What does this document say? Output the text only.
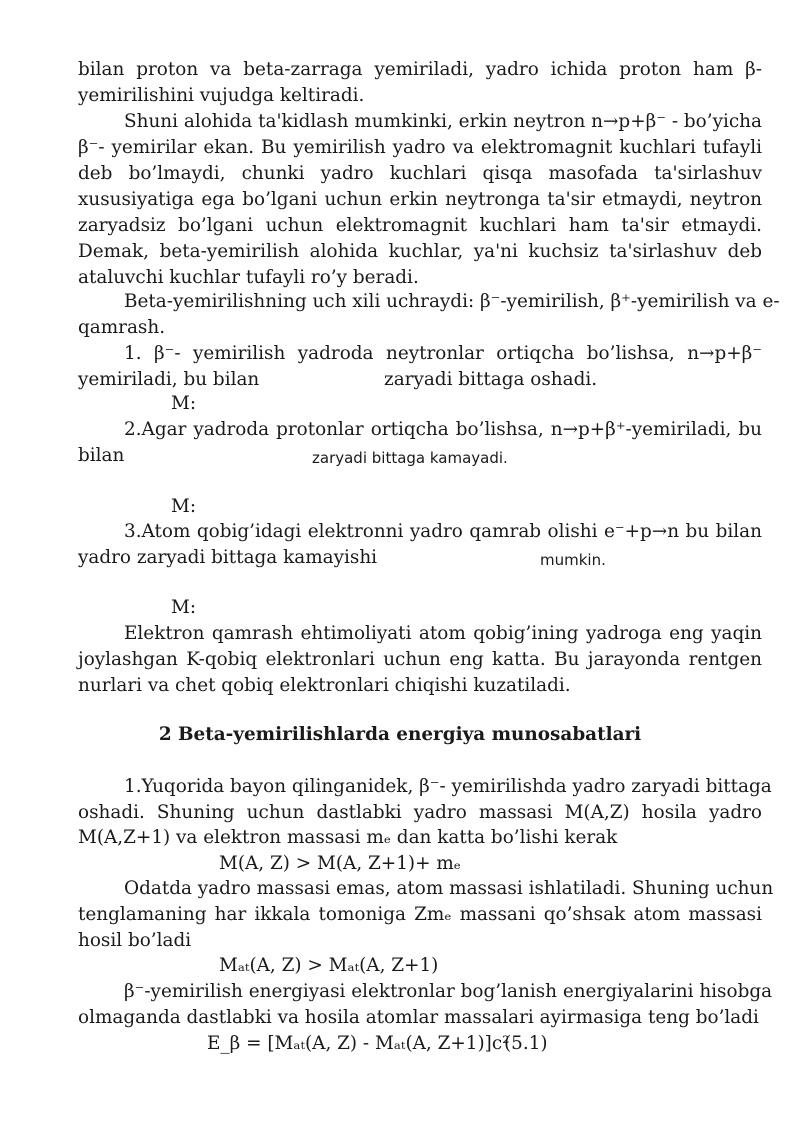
bilan proton va beta-zarraga yemiriladi, yadro ichida proton ham β-
yemirilishini vujudga keltiradi.
Shuni alohida ta'kidlash mumkinki, erkin neytron n→p+β⁻ - bo’yicha
β⁻- yemirilar ekan. Bu yemirilish yadro va elektromagnit kuchlari tufayli
deb bo’lmaydi, chunki yadro kuchlari qisqa masofada ta'sirlashuv
xususiyatiga ega bo’lgani uchun erkin neytronga ta'sir etmaydi, neytron
zaryadsiz bo’lgani uchun elektromagnit kuchlari ham ta'sir etmaydi.
Demak, beta-yemirilish alohida kuchlar, ya'ni kuchsiz ta'sirlashuv deb
ataluvchi kuchlar tufayli ro’y beradi.
Beta-yemirilishning uch xili uchraydi: β⁻-yemirilish, β⁺-yemirilish va e-
qamrash.
1. β⁻- yemirilish yadroda neytronlar ortiqcha bo’lishsa, n→p+β⁻
yemiriladi, bu bilan	zaryadi bittaga oshadi.
M:
2.Agar yadroda protonlar ortiqcha bo’lishsa, n→p+β⁺-yemiriladi, bu
bilan	zaryadi bittaga kamayadi.
M:
3.Atom qobig’idagi elektronni yadro qamrab olishi e⁻+p→n bu bilan
yadro zaryadi bittaga kamayishi	mumkin.
M:
Elektron qamrash ehtimoliyati atom qobig’ining yadroga eng yaqin
joylashgan K-qobiq elektronlari uchun eng katta. Bu jarayonda rentgen
nurlari va chet qobiq elektronlari chiqishi kuzatiladi.
2 Beta-yemirilishlarda energiya munosabatlari
1.Yuqorida bayon qilinganidek, β⁻- yemirilishda yadro zaryadi bittaga
oshadi. Shuning uchun dastlabki yadro massasi M(A,Z) hosila yadro
M(A,Z+1) va elektron massasi mₑ dan katta bo’lishi kerak
M(A, Z) > M(A, Z+1)+ mₑ
Odatda yadro massasi emas, atom massasi ishlatiladi. Shuning uchun
tenglamaning har ikkala tomoniga Zmₑ massani qo’shsak atom massasi
hosil bo’ladi
Mₐₜ(A, Z) > Mₐₜ(A, Z+1)
β⁻-yemirilish energiyasi elektronlar bog’lanish energiyalarini hisobga
olmaganda dastlabki va hosila atomlar massalari ayirmasiga teng bo’ladi
E_β = [Mₐₜ(A, Z) - Mₐₜ(A, Z+1)]c²
(5.1)
